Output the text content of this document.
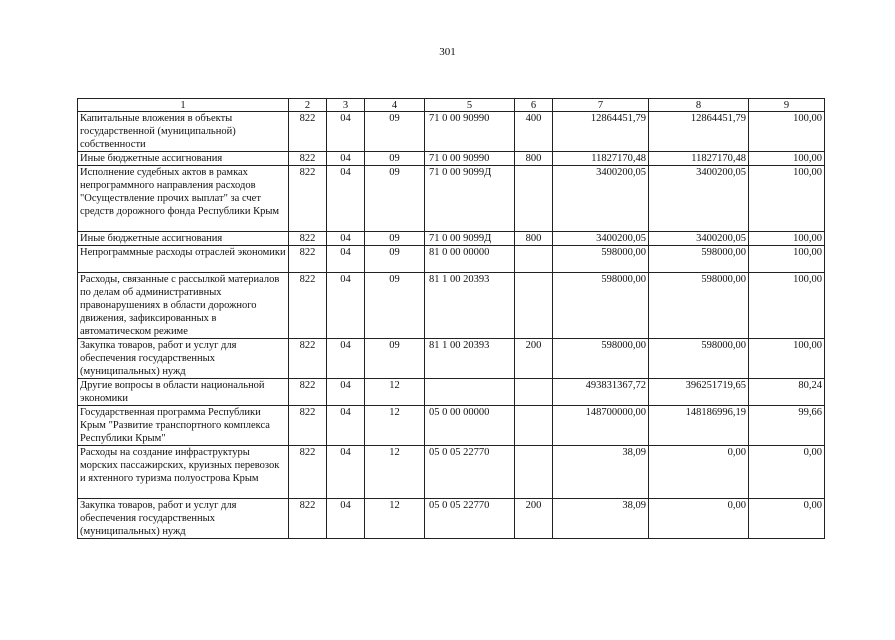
301
1	2	3	4	5	6	7	8	9
Капитальные вложения в объекты государственной (муниципальной) собственности	822	04	09	71 0 00 90990	400	12864451,79	12864451,79	100,00
Иные бюджетные ассигнования	822	04	09	71 0 00 90990	800	11827170,48	11827170,48	100,00
Исполнение судебных актов в рамках непрограммного направления расходов "Осуществление прочих выплат" за счет средств дорожного фонда Республики Крым	822	04	09	71 0 00 9099Д		3400200,05	3400200,05	100,00
Иные бюджетные ассигнования	822	04	09	71 0 00 9099Д	800	3400200,05	3400200,05	100,00
Непрограммные расходы отраслей экономики	822	04	09	81 0 00 00000		598000,00	598000,00	100,00
Расходы, связанные с рассылкой материалов по делам об административных правонарушениях в области дорожного движения, зафиксированных в автоматическом режиме	822	04	09	81 1 00 20393		598000,00	598000,00	100,00
Закупка товаров, работ и услуг для обеспечения государственных (муниципальных) нужд	822	04	09	81 1 00 20393	200	598000,00	598000,00	100,00
Другие вопросы в области национальной экономики	822	04	12			493831367,72	396251719,65	80,24
Государственная программа Республики Крым "Развитие транспортного комплекса Республики Крым"	822	04	12	05 0 00 00000		148700000,00	148186996,19	99,66
Расходы на создание инфраструктуры морских пассажирских, круизных перевозок и яхтенного туризма полуострова Крым	822	04	12	05 0 05 22770		38,09	0,00	0,00
Закупка товаров, работ и услуг для обеспечения государственных (муниципальных) нужд	822	04	12	05 0 05 22770	200	38,09	0,00	0,00
